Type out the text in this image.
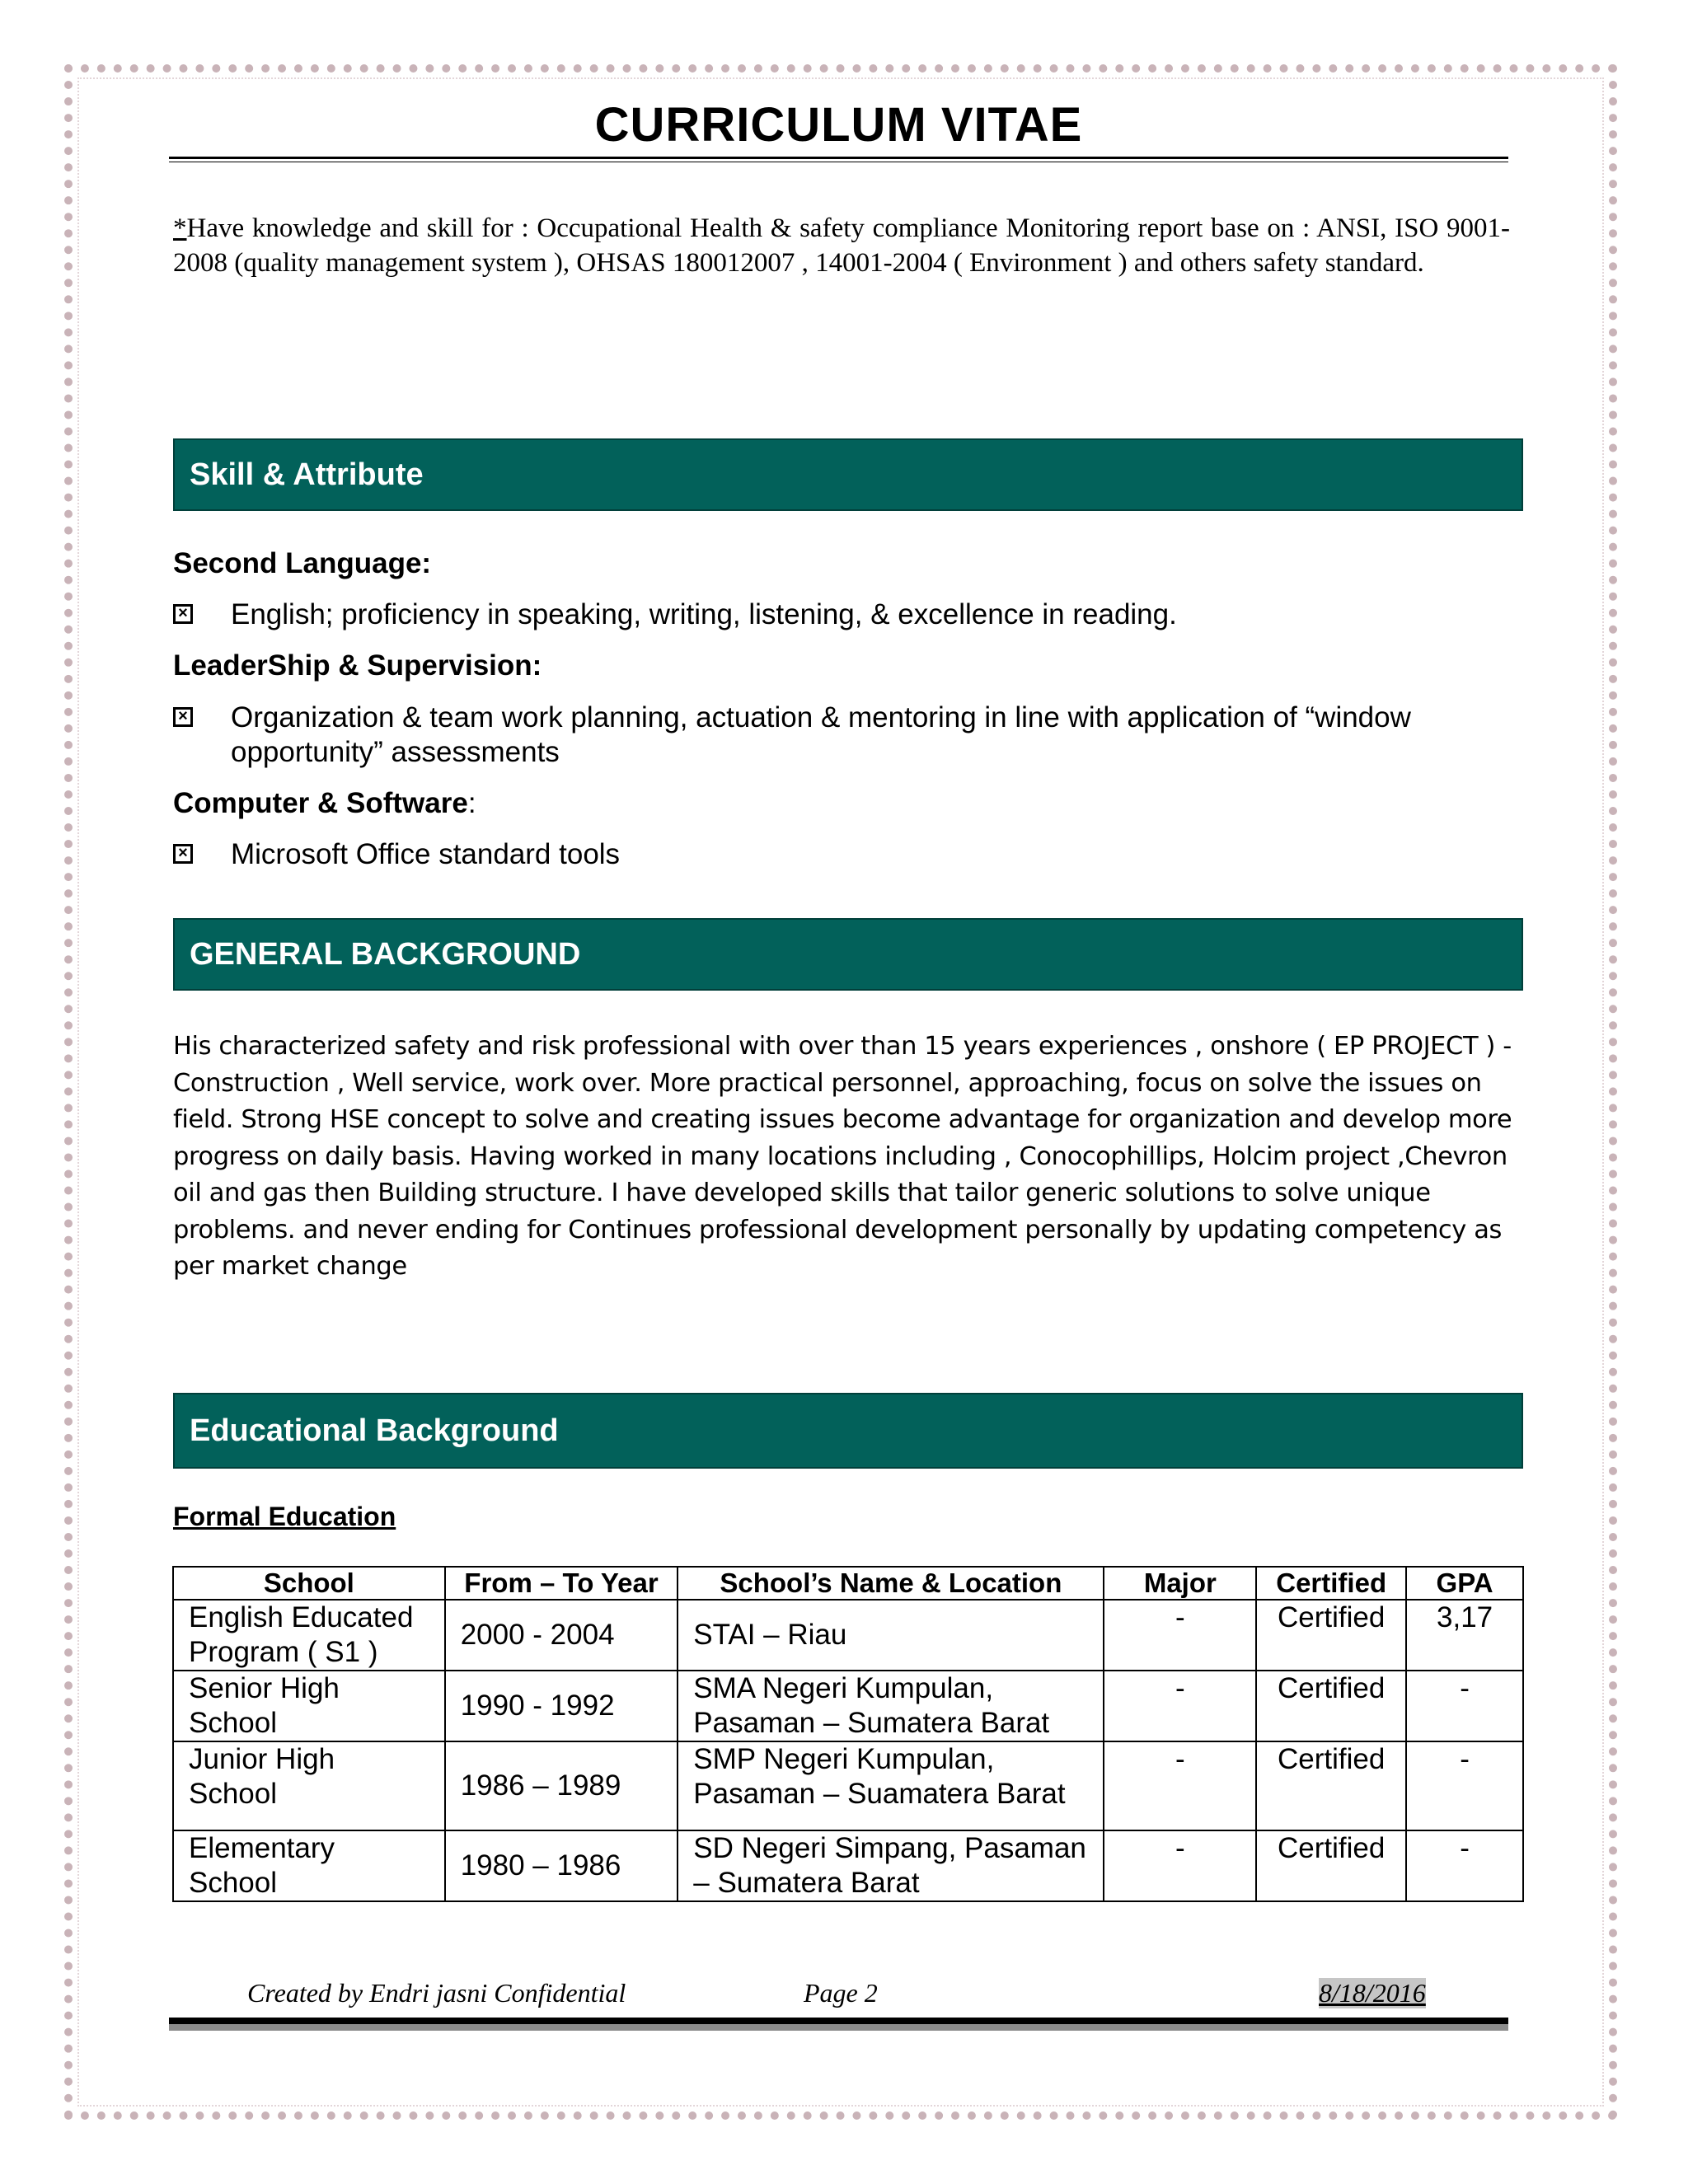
CURRICULUM VITAE
*Have knowledge and skill for : Occupational Health & safety compliance Monitoring report base on : ANSI, ISO 9001- 2008 (quality management system ), OHSAS 180012007 , 14001-2004 ( Environment ) and others safety standard.
Skill & Attribute
Second Language:
× English; proficiency in speaking, writing, listening, & excellence in reading.
LeaderShip & Supervision:
× Organization & team work planning, actuation & mentoring in line with application of “window opportunity” assessments
Computer & Software:
× Microsoft Office standard tools
GENERAL BACKGROUND
His characterized safety and risk professional with over than 15 years experiences , onshore ( EP PROJECT ) - Construction , Well service, work over. More practical personnel, approaching, focus on solve the issues on field. Strong HSE concept to solve and creating issues become advantage for organization and develop more progress on daily basis. Having worked in many locations including , Conocophillips, Holcim project ,Chevron oil and gas then Building structure. I have developed skills that tailor generic solutions to solve unique problems. and never ending for Continues professional development personally by updating competency as per market change
Educational Background
Formal Education
School	From – To Year	School’s Name & Location	Major	Certified	GPA
English Educated Program ( S1 )	2000 - 2004	STAI – Riau	-	Certified	3,17
Senior High School	1990 - 1992	SMA Negeri Kumpulan, Pasaman – Sumatera Barat	-	Certified	-
Junior High School	1986 – 1989	SMP Negeri Kumpulan, Pasaman – Suamatera Barat	-	Certified	-
Elementary School	1980 – 1986	SD Negeri Simpang, Pasaman – Sumatera Barat	-	Certified	-
Created by Endri jasni Confidential	Page 2	8/18/2016
